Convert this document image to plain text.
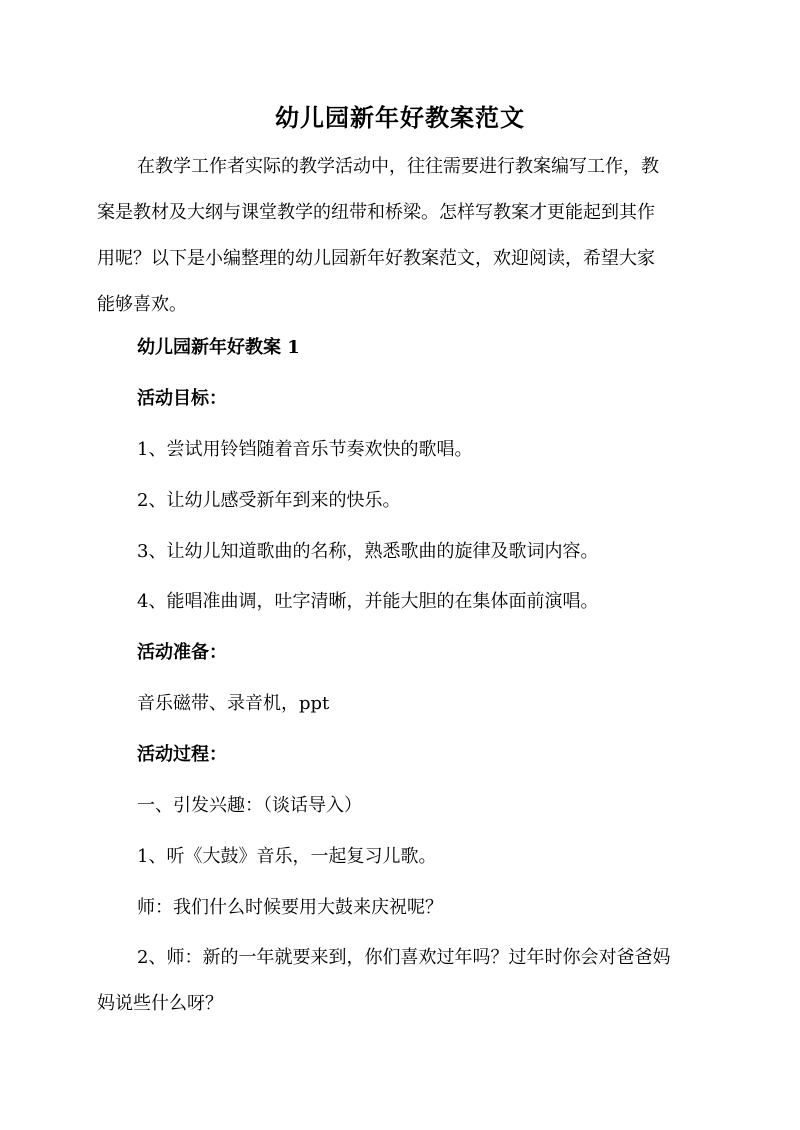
幼儿园新年好教案范文
在教学工作者实际的教学活动中，往往需要进行教案编写工作，教
案是教材及大纲与课堂教学的纽带和桥梁。怎样写教案才更能起到其作
用呢？以下是小编整理的幼儿园新年好教案范文，欢迎阅读，希望大家
能够喜欢。
幼儿园新年好教案 1
活动目标：
1、尝试用铃铛随着音乐节奏欢快的歌唱。
2、让幼儿感受新年到来的快乐。
3、让幼儿知道歌曲的名称，熟悉歌曲的旋律及歌词内容。
4、能唱准曲调，吐字清晰，并能大胆的在集体面前演唱。
活动准备：
音乐磁带、录音机，ppt
活动过程：
一、引发兴趣：（谈话导入）
1、听《大鼓》音乐，一起复习儿歌。
师：我们什么时候要用大鼓来庆祝呢？
2、师：新的一年就要来到，你们喜欢过年吗？过年时你会对爸爸妈
妈说些什么呀？
